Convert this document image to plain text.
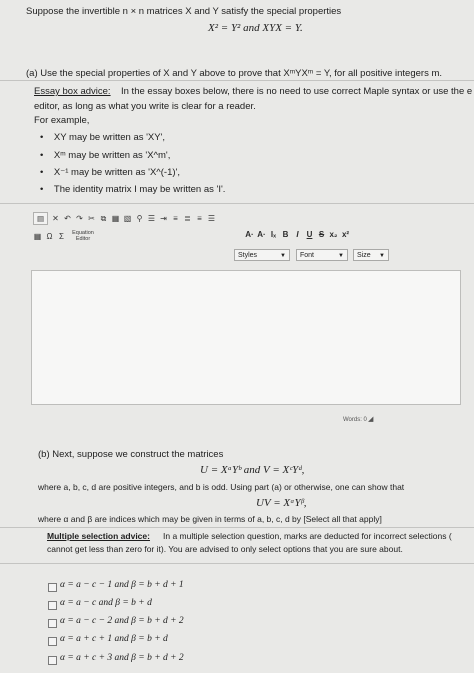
Suppose the invertible n × n matrices X and Y satisfy the special properties
X² = Y² and XYX = Y.
(a) Use the special properties of X and Y above to prove that XᵐYXᵐ = Y, for all positive integers m.
Essay box advice: In the essay boxes below, there is no need to use correct Maple syntax or use the e
editor, as long as what you write is clear for a reader.
For example,
•    XY may be written as 'XY',
•    Xᵐ may be written as 'X^m',
•    X⁻¹ may be written as 'X^(-1)',
•    The identity matrix I may be written as 'I'.
▤	✕ ↶ ↷ ✂ ⧉ ▦ ▧ ⚲ ☰ ⇥ ≡ ≣ ≡ ☰
▦ Ω Σ	Equation Editor	A· A· Iₓ B I	U S x₂ x²
Styles	▼	Font	▼	Size ▼
Words: 0 ◢
(b) Next, suppose we construct the matrices
U = XᵃYᵇ and V = XᶜYᵈ,
where a, b, c, d are positive integers, and b is odd. Using part (a) or otherwise, one can show that
UV = XᵅYᵝ,
where α and β are indices which may be given in terms of a, b, c, d by [Select all that apply]
Multiple selection advice: In a multiple selection question, marks are deducted for incorrect selections (
cannot get less than zero for it). You are advised to only select options that you are sure about.
α = a − c − 1 and β = b + d + 1
α = a − c and β = b + d
α = a − c − 2 and β = b + d + 2
α = a + c + 1 and β = b + d
α = a + c + 3 and β = b + d + 2
